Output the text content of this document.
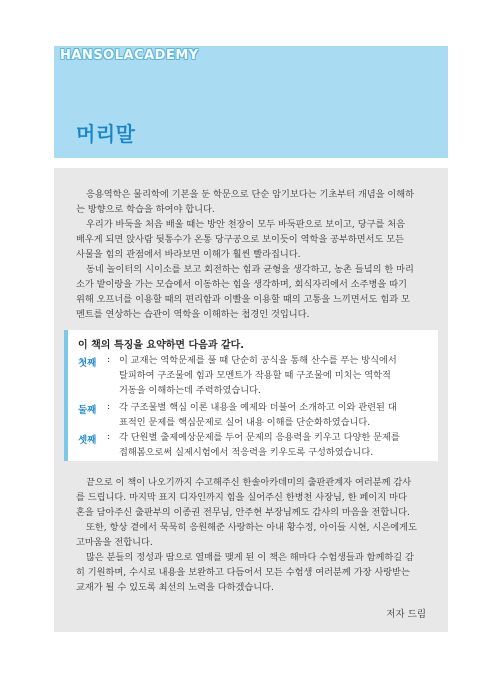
HANSOLACADEMY
머리말
응용역학은 물리학에 기본을 둔 학문으로 단순 암기보다는 기초부터 개념을 이해하
는 방향으로 학습을 하여야 합니다.
우리가 바둑을 처음 배울 때는 방안 천장이 모두 바둑판으로 보이고, 당구를 처음
배우게 되면 앉사람 뒷통수가 온통 당구공으로 보이듯이 역학을 공부하면서도 모든
사물을 힘의 관점에서 바라보면 이해가 훨씬 빨라집니다.
동네 놀이터의 시이소를 보고 회전하는 힘과 균형을 생각하고, 농촌 들녘의 한 마리
소가 밭이랑을 가는 모습에서 이동하는 힘을 생각하며, 회식자리에서 소주병을 따기
위해 오프너를 이용할 때의 편리함과 이빨을 이용할 때의 고통을 느끼면서도 힘과 모
멘트를 연상하는 습관이 역학을 이해하는 첩경인 것입니다.
이 책의 특징을 요약하면 다음과 같다.
첫째 : 이 교재는 역학문제를 풀 때 단순히 공식을 통해 산수를 푸는 방식에서
탈피하여 구조물에 힘과 모멘트가 작용할 때 구조물에 미치는 역학적
거동을 이해하는데 주력하였습니다.
둘째 : 각 구조물별 핵심 이론 내용을 예제와 더불어 소개하고 이와 관련된 대
표적인 문제를 핵심문제로 실어 내용 이해를 단순화하였습니다.
셋째 : 각 단원별 출제예상문제를 두어 문제의 응용력을 키우고 다양한 문제를
접해봄으로써 실제시험에서 적응력을 키우도록 구성하였습니다.
끝으로 이 책이 나오기까지 수고해주신 한솔아카데미의 출판관계자 여러분께 감사
를 드립니다. 마지막 표지 디자인까지 힘을 실어주신 한병천 사장님, 한 페이지 마다
혼을 담아주신 출판부의 이종권 전무님, 안주현 부장님께도 감사의 마음을 전합니다.
또한, 항상 곁에서 묵묵히 응원해준 사랑하는 아내 황수정, 아이들 시현, 시은에게도
고마움을 전합니다.
많은 분들의 정성과 땀으로 열매를 맺게 된 이 책은 해마다 수험생들과 함께하길 감
히 기원하며, 수시로 내용을 보완하고 다듬어서 모든 수험생 여러분께 가장 사랑받는
교재가 될 수 있도록 최선의 노력을 다하겠습니다.
저자 드림
